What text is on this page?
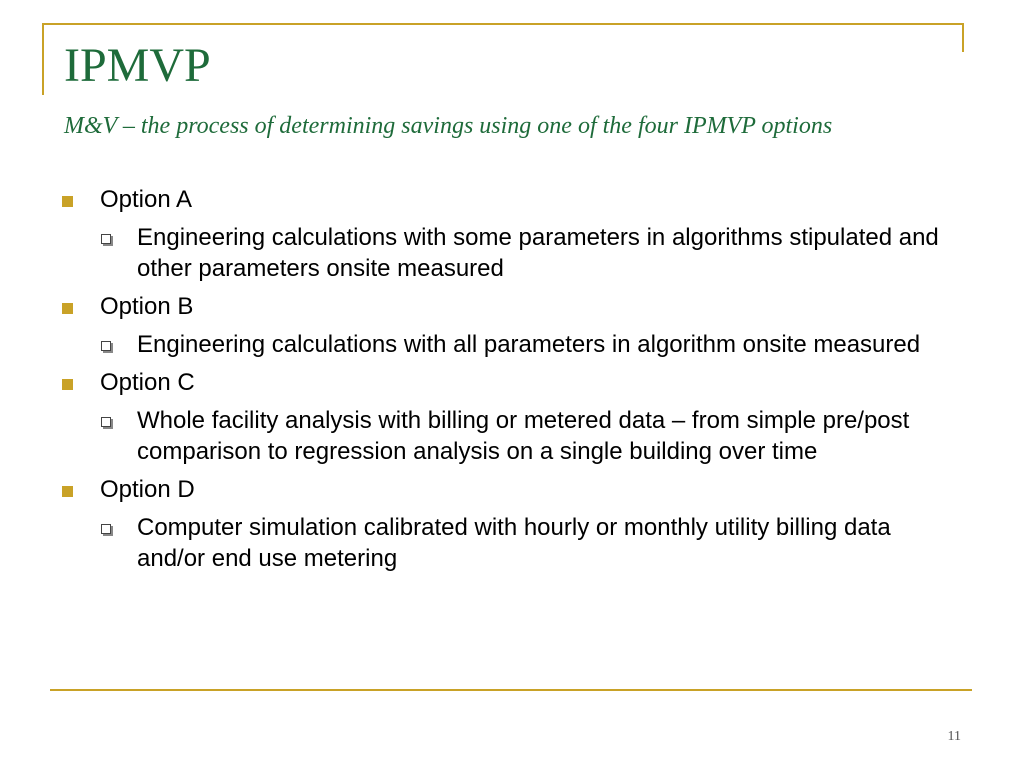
IPMVP
M&V – the process of determining savings using one of the four IPMVP options

Option A

Engineering calculations with some parameters in algorithms stipulated and other parameters onsite measured

Option B

Engineering calculations with all parameters in algorithm onsite measured

Option C

Whole facility analysis with billing or metered data – from simple pre/post comparison to regression analysis on a single building over time

Option D

Computer simulation calibrated with hourly or monthly utility billing data and/or end use metering

11
